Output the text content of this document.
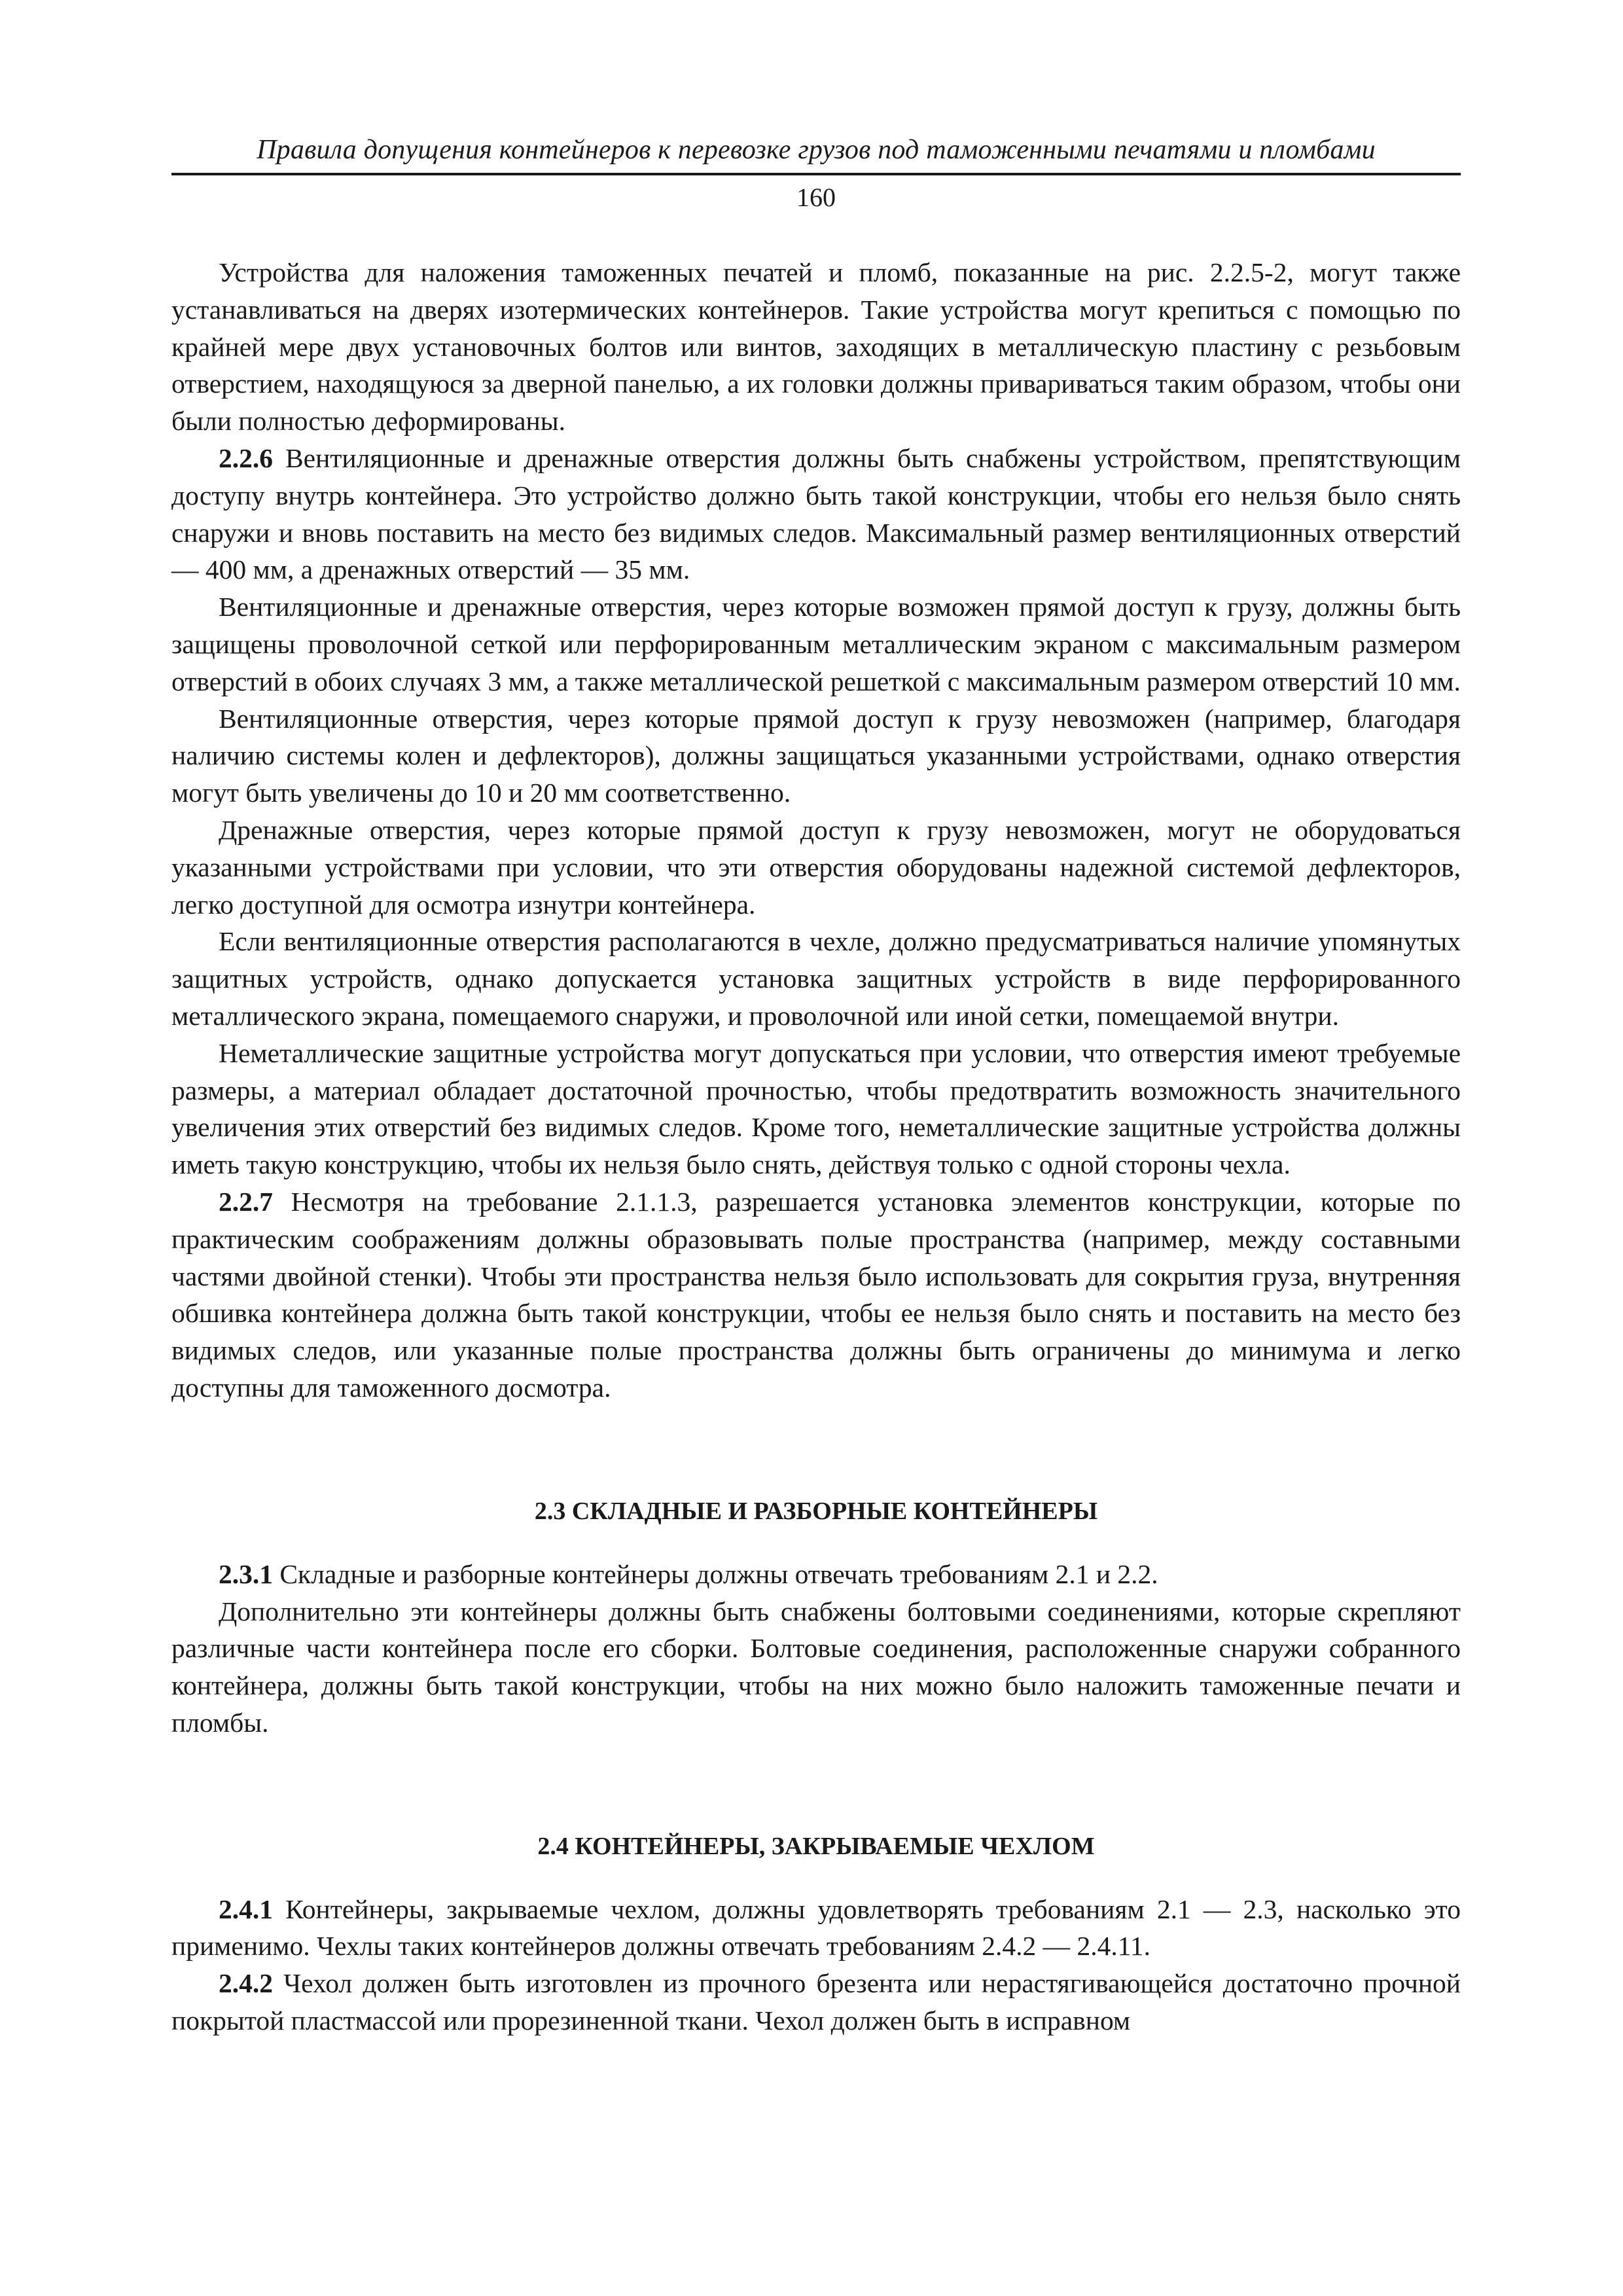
Правила допущения контейнеров к перевозке грузов под таможенными печатями и пломбами
160

Устройства для наложения таможенных печатей и пломб, показанные на рис. 2.2.5-2, могут также устанавливаться на дверях изотермических контейнеров. Такие устройства могут крепиться с помощью по крайней мере двух установочных болтов или винтов, заходящих в металлическую пластину с резьбовым отверстием, находящуюся за дверной панелью, а их головки должны привариваться таким образом, чтобы они были полностью деформированы.

2.2.6 Вентиляционные и дренажные отверстия должны быть снабжены устройством, препятствующим доступу внутрь контейнера. Это устройство должно быть такой конструкции, чтобы его нельзя было снять снаружи и вновь поставить на место без видимых следов. Максимальный размер вентиляционных отверстий — 400 мм, а дренажных отверстий — 35 мм.

Вентиляционные и дренажные отверстия, через которые возможен прямой доступ к грузу, должны быть защищены проволочной сеткой или перфорированным металлическим экраном с максимальным размером отверстий в обоих случаях 3 мм, а также металлической решеткой с максимальным размером отверстий 10 мм.

Вентиляционные отверстия, через которые прямой доступ к грузу невозможен (например, благодаря наличию системы колен и дефлекторов), должны защищаться указанными устройствами, однако отверстия могут быть увеличены до 10 и 20 мм соответственно.

Дренажные отверстия, через которые прямой доступ к грузу невозможен, могут не оборудоваться указанными устройствами при условии, что эти отверстия оборудованы надежной системой дефлекторов, легко доступной для осмотра изнутри контейнера.

Если вентиляционные отверстия располагаются в чехле, должно предусматриваться наличие упомянутых защитных устройств, однако допускается установка защитных устройств в виде перфорированного металлического экрана, помещаемого снаружи, и проволочной или иной сетки, помещаемой внутри.

Неметаллические защитные устройства могут допускаться при условии, что отверстия имеют требуемые размеры, а материал обладает достаточной прочностью, чтобы предотвратить возможность значительного увеличения этих отверстий без видимых следов. Кроме того, неметаллические защитные устройства должны иметь такую конструкцию, чтобы их нельзя было снять, действуя только с одной стороны чехла.

2.2.7 Несмотря на требование 2.1.1.3, разрешается установка элементов конструкции, которые по практическим соображениям должны образовывать полые пространства (например, между составными частями двойной стенки). Чтобы эти пространства нельзя было использовать для сокрытия груза, внутренняя обшивка контейнера должна быть такой конструкции, чтобы ее нельзя было снять и поставить на место без видимых следов, или указанные полые пространства должны быть ограничены до минимума и легко доступны для таможенного досмотра.

2.3 СКЛАДНЫЕ И РАЗБОРНЫЕ КОНТЕЙНЕРЫ

2.3.1 Складные и разборные контейнеры должны отвечать требованиям 2.1 и 2.2.

Дополнительно эти контейнеры должны быть снабжены болтовыми соединениями, которые скрепляют различные части контейнера после его сборки. Болтовые соединения, расположенные снаружи собранного контейнера, должны быть такой конструкции, чтобы на них можно было наложить таможенные печати и пломбы.

2.4 КОНТЕЙНЕРЫ, ЗАКРЫВАЕМЫЕ ЧЕХЛОМ

2.4.1 Контейнеры, закрываемые чехлом, должны удовлетворять требованиям 2.1 — 2.3, насколько это применимо. Чехлы таких контейнеров должны отвечать требованиям 2.4.2 — 2.4.11.

2.4.2 Чехол должен быть изготовлен из прочного брезента или нерастягивающейся достаточно прочной покрытой пластмассой или прорезиненной ткани. Чехол должен быть в исправном
